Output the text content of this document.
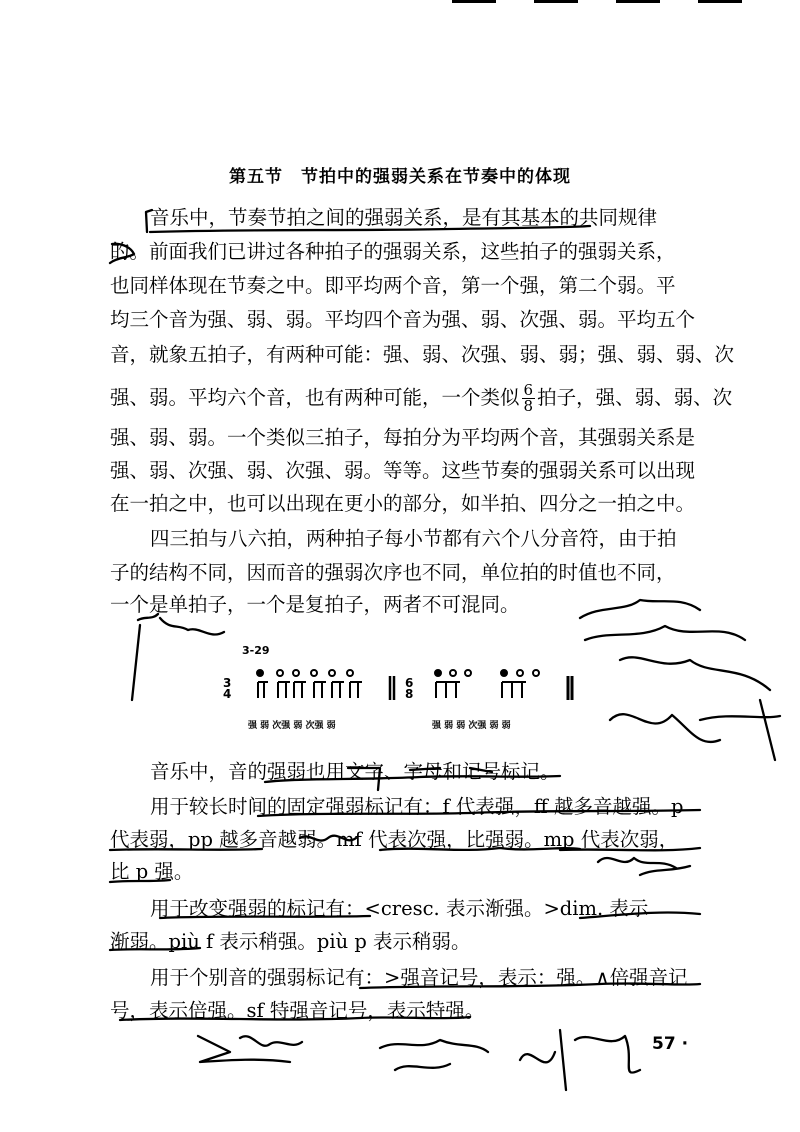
第五节　节拍中的强弱关系在节奏中的体现
音乐中，节奏节拍之间的强弱关系，是有其基本的共同规律
的。前面我们已讲过各种拍子的强弱关系，这些拍子的强弱关系，
也同样体现在节奏之中。即平均两个音，第一个强，第二个弱。平
均三个音为强、弱、弱。平均四个音为强、弱、次强、弱。平均五个
音，就象五拍子，有两种可能：强、弱、次强、弱、弱；强、弱、弱、次
强、弱。平均六个音，也有两种可能，一个类似 $\frac{6}{8}$ 拍子，强、弱、弱、次
强、弱、弱。一个类似三拍子，每拍分为平均两个音，其强弱关系是
强、弱、次强、弱、次强、弱。等等。这些节奏的强弱关系可以出现
在一拍之中，也可以出现在更小的部分，如半拍、四分之一拍之中。
四三拍与八六拍，两种拍子每小节都有六个八分音符，由于拍
子的结构不同，因而音的强弱次序也不同，单位拍的时值也不同，
一个是单拍子，一个是复拍子，两者不可混同。
3-29
3
4
6
8
强 弱 次强 弱 次强 弱	强 弱 弱 次强 弱 弱
音乐中，音的强弱也用文字、字母和记号标记。
用于较长时间的固定强弱标记有：f 代表强，ff 越多音越强。p
代表弱，pp 越多音越弱。mf 代表次强，比强弱。mp 代表次弱，
比 p 强。
用于改变强弱的标记有：<cresc. 表示渐强。>dim. 表示
渐弱。più f 表示稍强。più p 表示稍弱。
用于个别音的强弱标记有：>强音记号，表示：强。∧倍强音记
号，表示倍强。sf 特强音记号，表示特强。
57 ·
